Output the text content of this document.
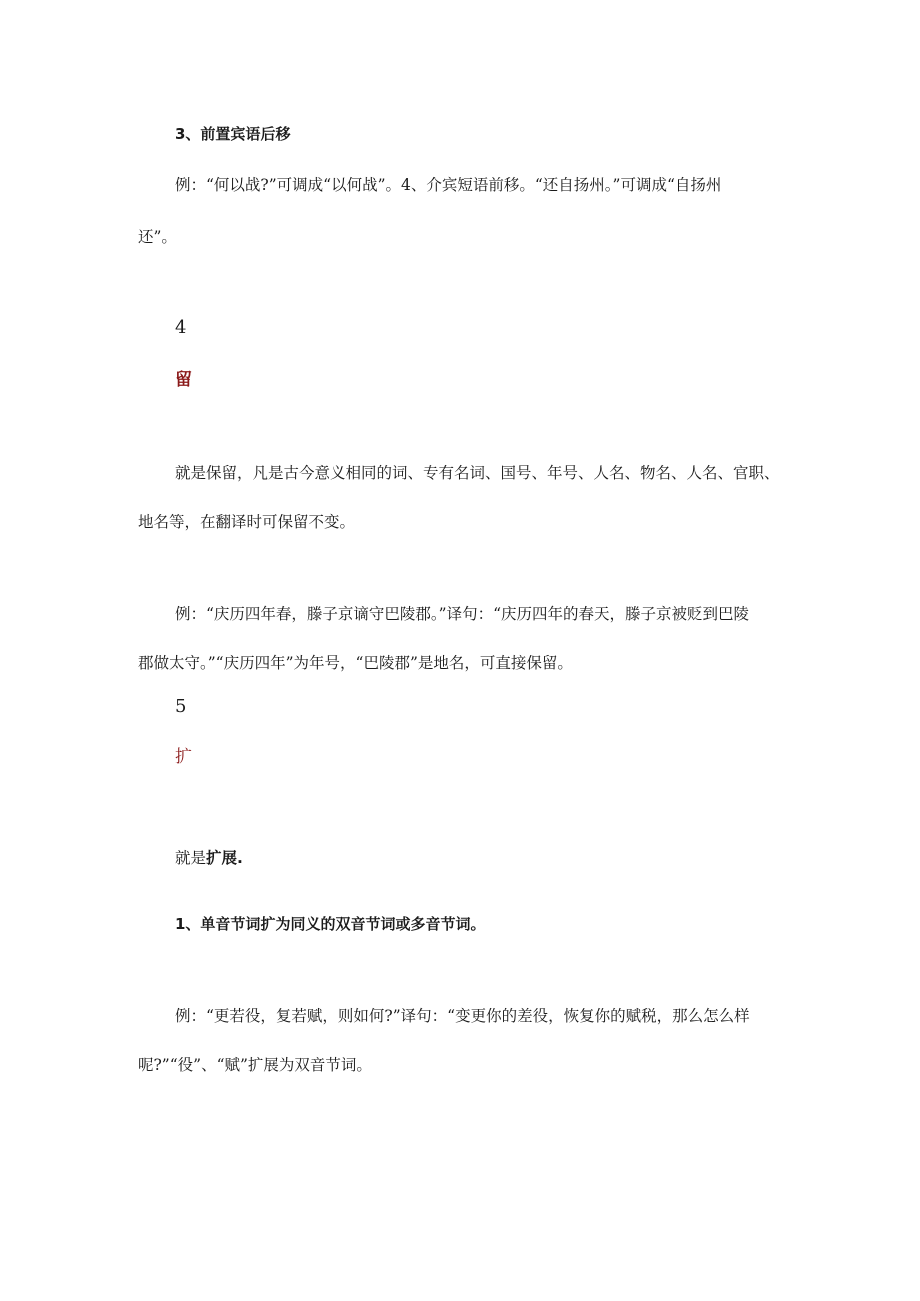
3、前置宾语后移
例：“何以战?”可调成“以何战”。4、介宾短语前移。“还自扬州。”可调成“自扬州
还”。
4
留
就是保留，凡是古今意义相同的词、专有名词、国号、年号、人名、物名、人名、官职、
地名等，在翻译时可保留不变。
例：“庆历四年春，滕子京谪守巴陵郡。”译句：“庆历四年的春天，滕子京被贬到巴陵
郡做太守。”“庆历四年”为年号，“巴陵郡”是地名，可直接保留。
5
扩
就是扩展.
1、单音节词扩为同义的双音节词或多音节词。
例：“更若役，复若赋，则如何?”译句：“变更你的差役，恢复你的赋税，那么怎么样
呢?”“役”、“赋”扩展为双音节词。
